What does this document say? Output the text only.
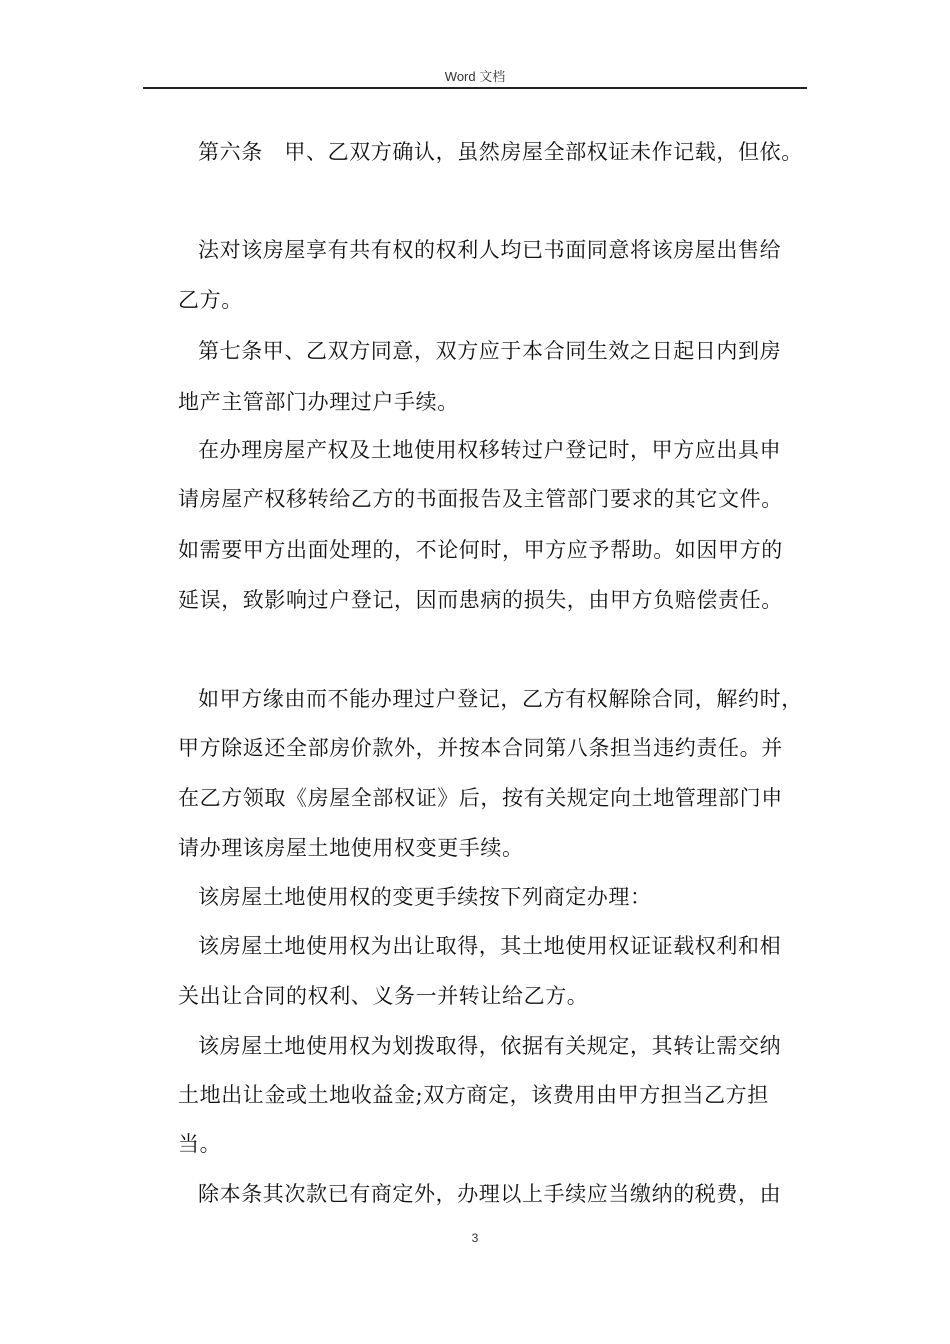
Word 文档
第六条　甲、乙双方确认，虽然房屋全部权证未作记载，但依。
法对该房屋享有共有权的权利人均已书面同意将该房屋出售给
乙方。
第七条甲、乙双方同意，双方应于本合同生效之日起日内到房
地产主管部门办理过户手续。
在办理房屋产权及土地使用权移转过户登记时，甲方应出具申
请房屋产权移转给乙方的书面报告及主管部门要求的其它文件。
如需要甲方出面处理的，不论何时，甲方应予帮助。如因甲方的
延误，致影响过户登记，因而患病的损失，由甲方负赔偿责任。
如甲方缘由而不能办理过户登记，乙方有权解除合同，解约时，
甲方除返还全部房价款外，并按本合同第八条担当违约责任。并
在乙方领取《房屋全部权证》后，按有关规定向土地管理部门申
请办理该房屋土地使用权变更手续。
该房屋土地使用权的变更手续按下列商定办理：
该房屋土地使用权为出让取得，其土地使用权证证载权利和相
关出让合同的权利、义务一并转让给乙方。
该房屋土地使用权为划拨取得，依据有关规定，其转让需交纳
土地出让金或土地收益金;双方商定，该费用由甲方担当乙方担
当。
除本条其次款已有商定外，办理以上手续应当缴纳的税费，由
3
